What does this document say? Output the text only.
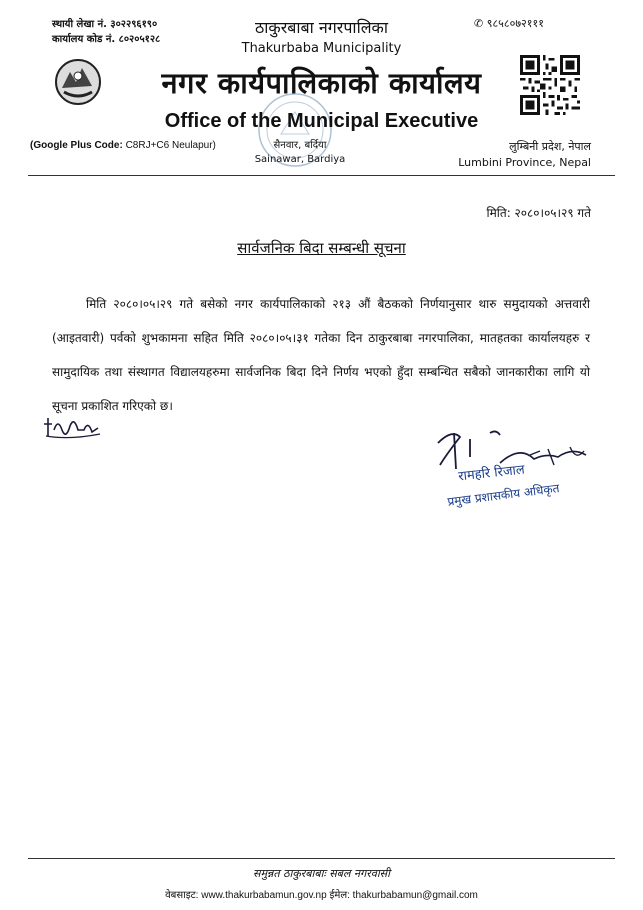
स्थायी लेखा नं. ३०२२९६१९०
कार्यालय कोड नं. ८०२०५१२८
✆ ९८५८०७२१११
ठाकुरबाबा नगरपालिका
Thakurbaba Municipality
नगर कार्यपालिकाको कार्यालय
Office of the Municipal Executive
(Google Plus Code: C8RJ+C6 Neulapur)	सैनवार, बर्दिया
Sainawar, Bardiya
लुम्बिनी प्रदेश, नेपाल
Lumbini Province, Nepal
मिति: २०८०।०५।२९ गते
सार्वजनिक बिदा सम्बन्धी सूचना
मिति २०८०।०५।२९ गते बसेको नगर कार्यपालिकाको २१३ औं बैठकको निर्णयानुसार थारु समुदायको अत्तवारी (आइतवारी) पर्वको शुभकामना सहित मिति २०८०।०५।३१ गतेका दिन ठाकुरबाबा नगरपालिका, मातहतका कार्यालयहरु र सामुदायिक तथा संस्थागत विद्यालयहरुमा सार्वजनिक बिदा दिने निर्णय भएको हुँदा सम्बन्धित सबैको जानकारीका लागि यो सूचना प्रकाशित गरिएको छ।
रामहरि रिजाल
प्रमुख प्रशासकीय अधिकृत
समुन्नत ठाकुरबाबाः सबल नगरवासी
वेबसाइट: www.thakurbabamun.gov.np ईमेल: thakurbabamun@gmail.com
